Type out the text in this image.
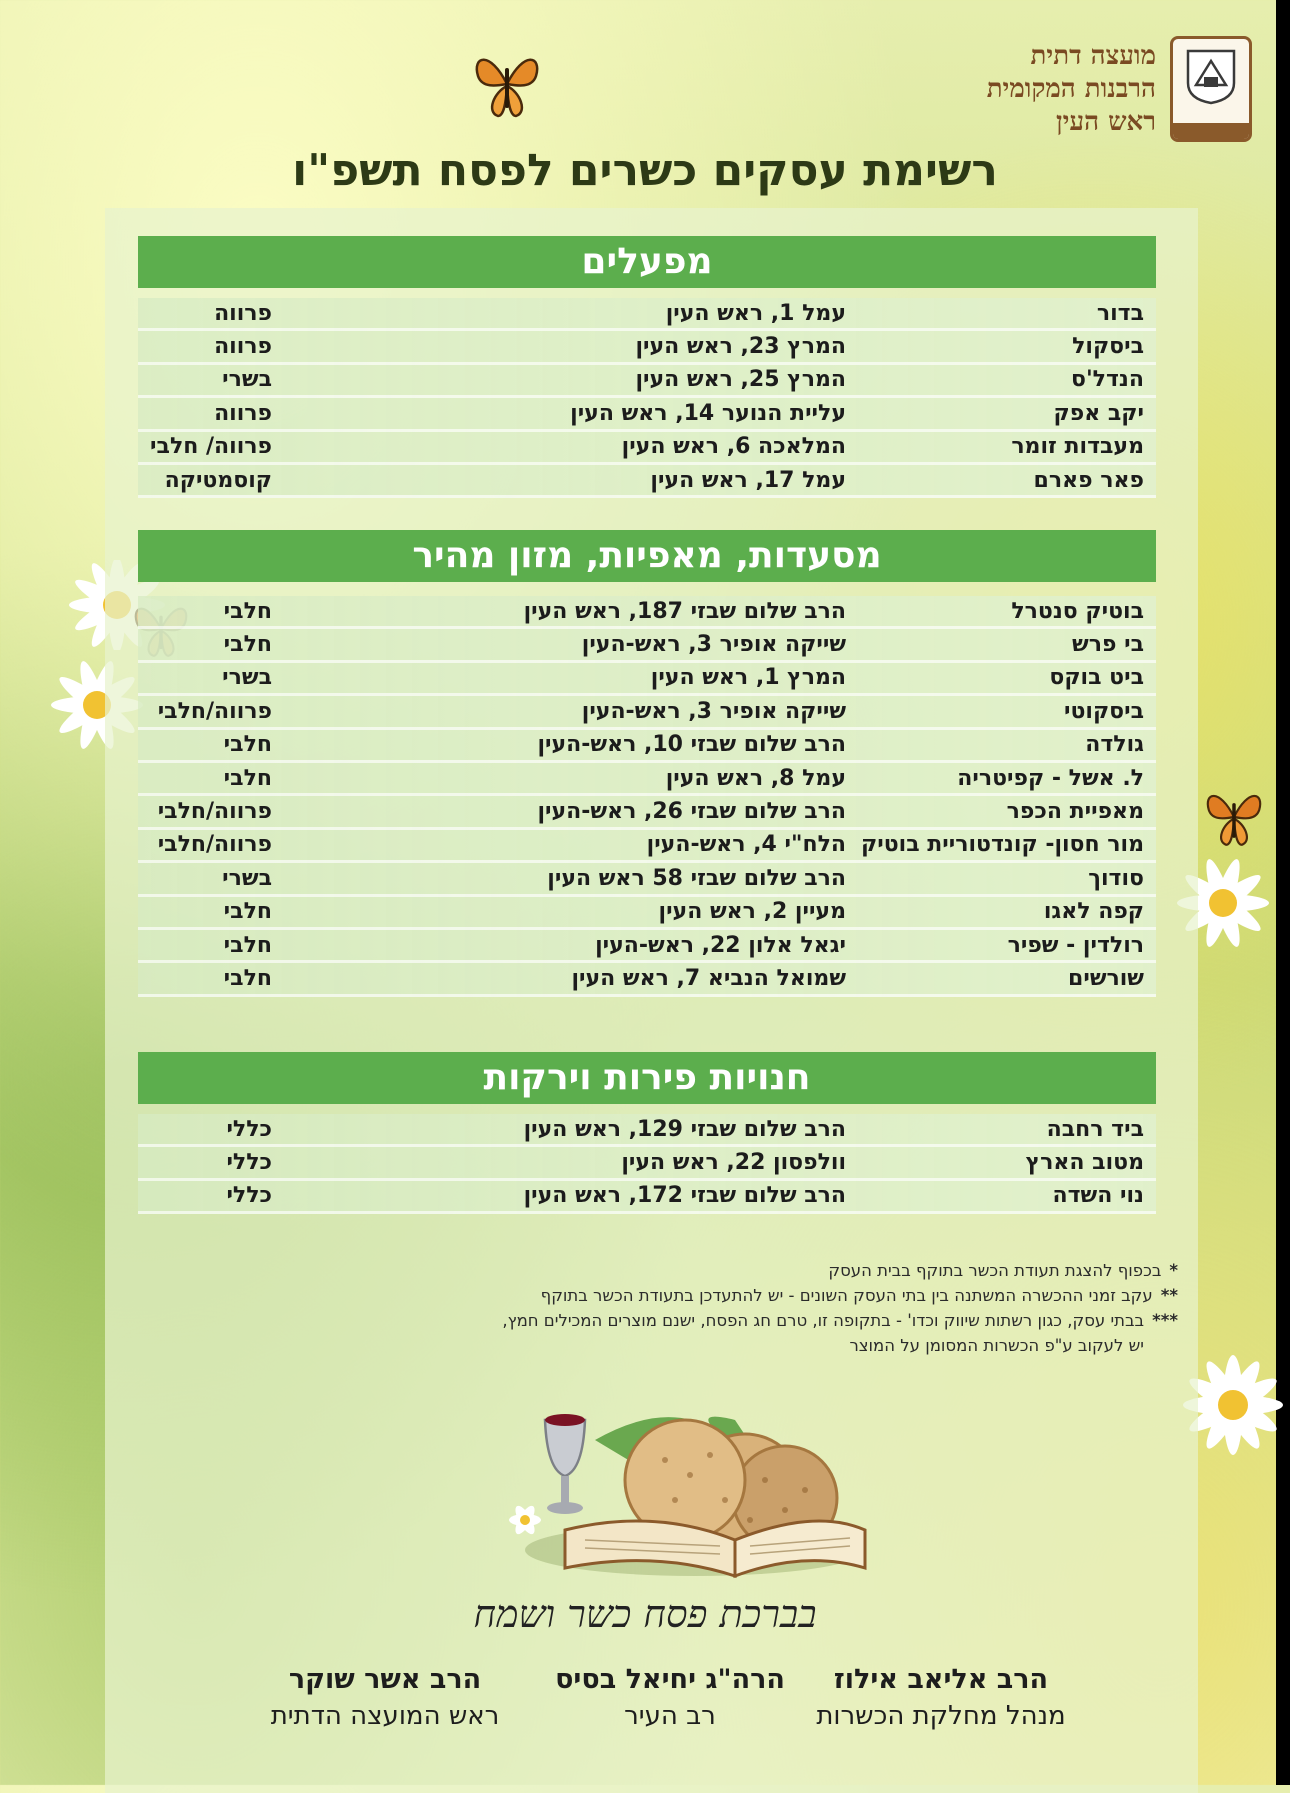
מועצה דתית
הרבנות המקומית
ראש העין
רשימת עסקים כשרים לפסח תשפ"ו
מפעלים
בדור
עמל 1, ראש העין
פרווה
ביסקול
המרץ 23, ראש העין
פרווה
הנדל'ס
המרץ 25, ראש העין
בשרי
יקב אפק
עליית הנוער 14, ראש העין
פרווה
מעבדות זומר
המלאכה 6, ראש העין
פרווה/ חלבי
פאר פארם
עמל 17, ראש העין
קוסמטיקה
מסעדות, מאפיות, מזון מהיר
בוטיק סנטרל
הרב שלום שבזי 187, ראש העין
חלבי
בי פרש
שייקה אופיר 3, ראש-העין
חלבי
ביט בוקס
המרץ 1, ראש העין
בשרי
ביסקוטי
שייקה אופיר 3, ראש-העין
פרווה/חלבי
גולדה
הרב שלום שבזי 10, ראש-העין
חלבי
ל. אשל - קפיטריה
עמל 8, ראש העין
חלבי
מאפיית הכפר
הרב שלום שבזי 26, ראש-העין
פרווה/חלבי
מור חסון- קונדטוריית בוטיק
הלח"י 4, ראש-העין
פרווה/חלבי
סודוך
הרב שלום שבזי 58 ראש העין
בשרי
קפה לאגו
מעיין 2, ראש העין
חלבי
רולדין - שפיר
יגאל אלון 22, ראש-העין
חלבי
שורשים
שמואל הנביא 7, ראש העין
חלבי
חנויות פירות וירקות
ביד רחבה
הרב שלום שבזי 129, ראש העין
כללי
מטוב הארץ
וולפסון 22, ראש העין
כללי
נוי השדה
הרב שלום שבזי 172, ראש העין
כללי
*בכפוף להצגת תעודת הכשר בתוקף בבית העסק
**עקב זמני ההכשרה המשתנה בין בתי העסק השונים - יש להתעדכן בתעודת הכשר בתוקף
***בבתי עסק, כגון רשתות שיווק וכדו' - בתקופה זו, טרם חג הפסח, ישנם מוצרים המכילים חמץ,
יש לעקוב ע"פ הכשרות המסומן על המוצר
בברכת פסח כשר ושמח
הרב אליאב אילוז
מנהל מחלקת הכשרות
הרה"ג יחיאל בסיס
רב העיר
הרב אשר שוקר
ראש המועצה הדתית
